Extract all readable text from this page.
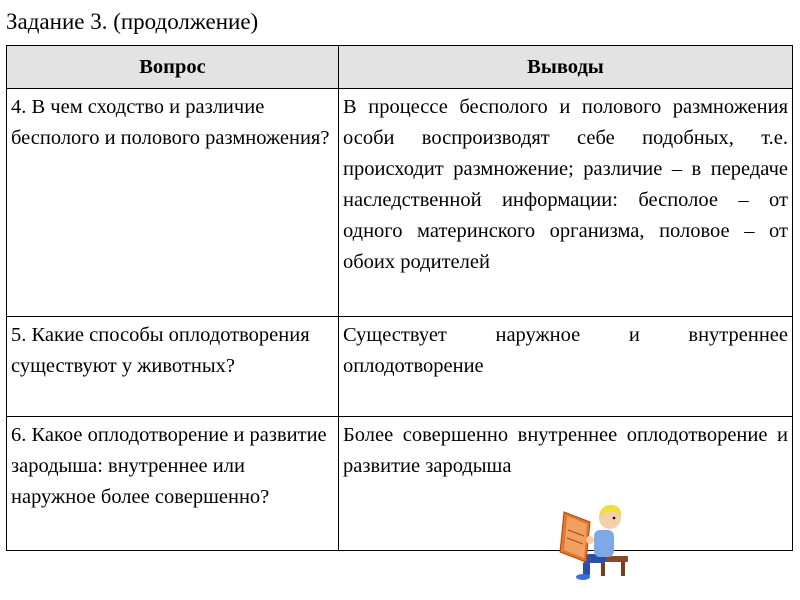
Задание 3. (продолжение)
Вопрос	Выводы
4. В чем сходство и различие бесполого и полового размножения?	В процессе бесполого и полового размножения особи воспроизводят себе подобных, т.е. происходит размножение; различие – в передаче наследственной информации: бесполое – от одного материнского организма, половое – от обоих родителей
5. Какие способы оплодотворения существуют у животных?	Существует наружное и внутреннее оплодотворение
6. Какое оплодотворение и развитие зародыша: внутреннее или наружное более совершенно?	Более совершенно внутреннее оплодотворение и развитие зародыша
